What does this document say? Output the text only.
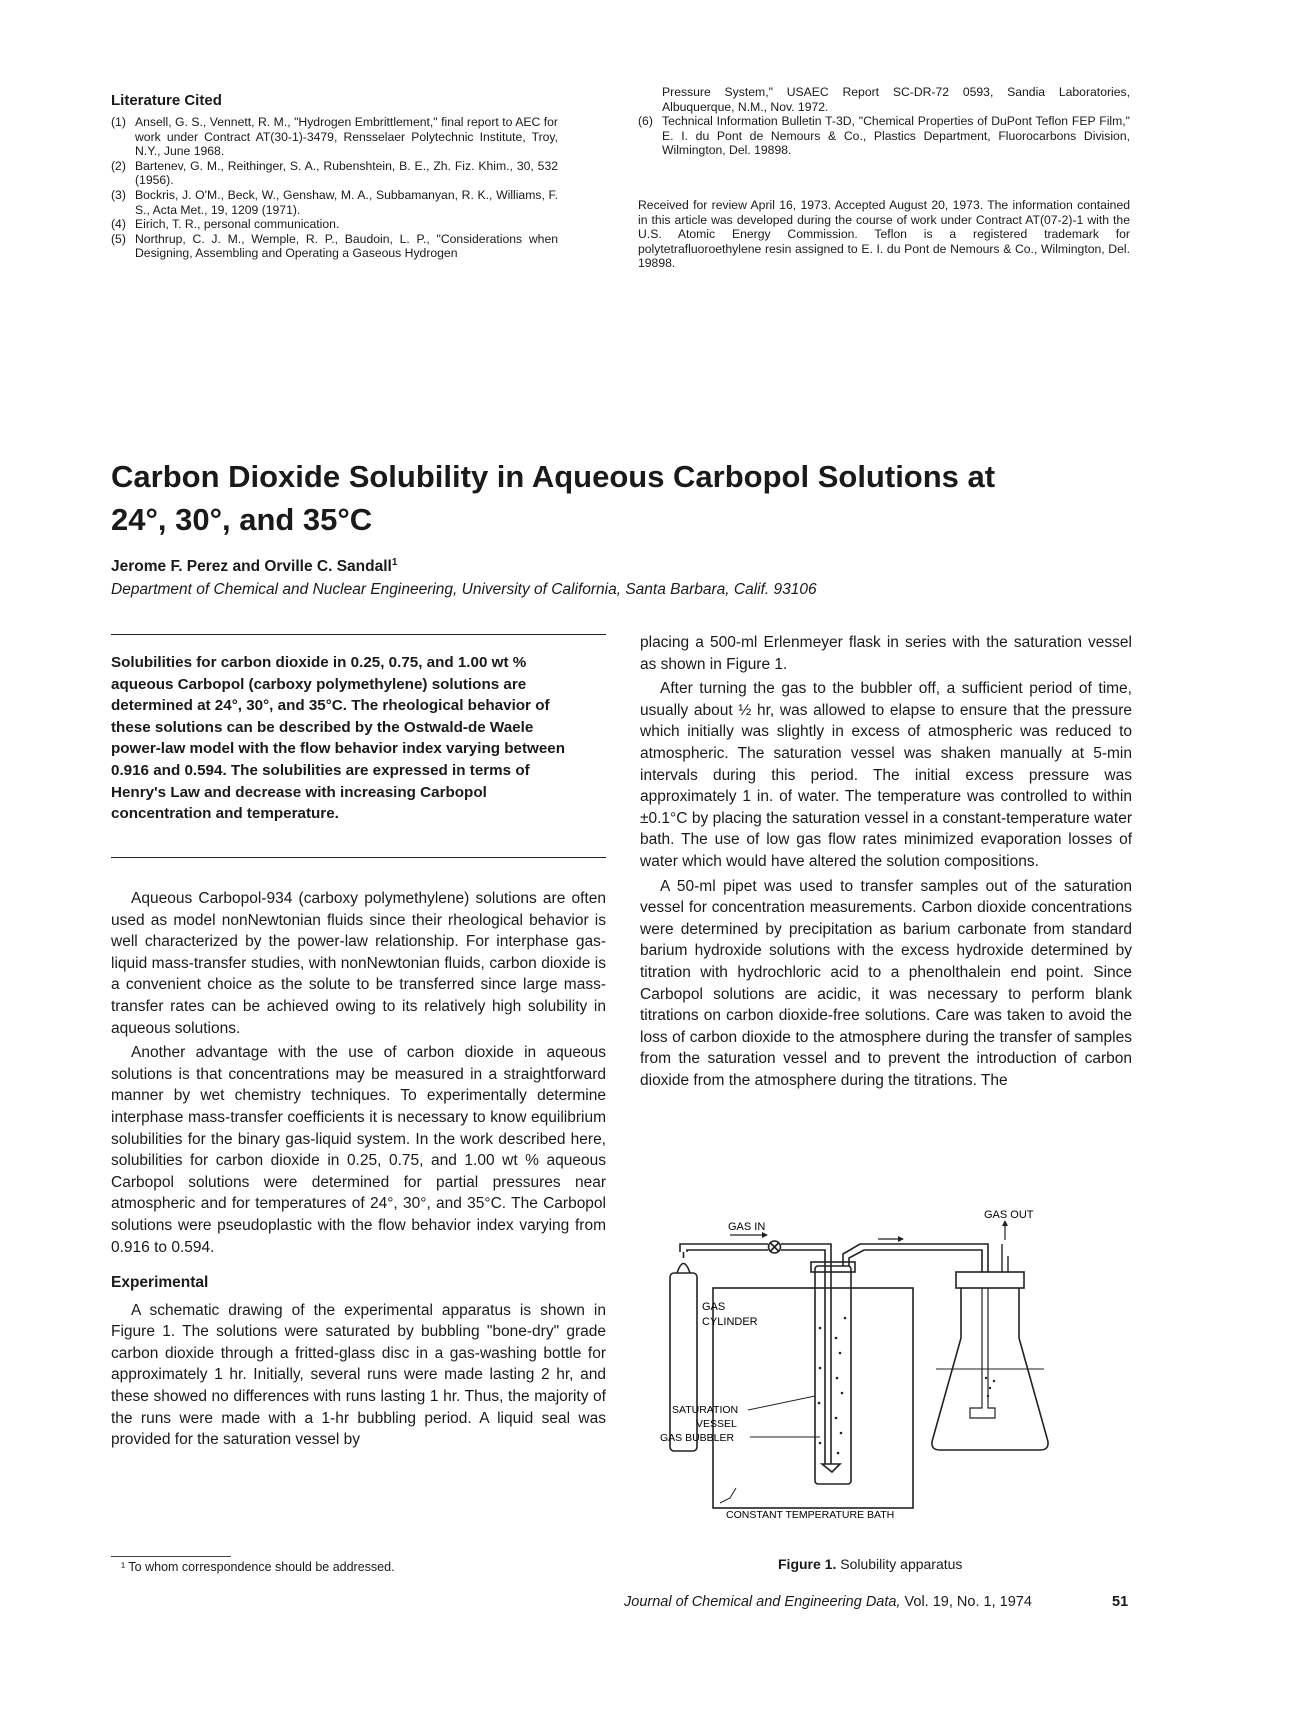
Literature Cited
(1) Ansell, G. S., Vennett, R. M., "Hydrogen Embrittlement," final report to AEC for work under Contract AT(30-1)-3479, Rensselaer Polytechnic Institute, Troy, N.Y., June 1968.
(2) Bartenev, G. M., Reithinger, S. A., Rubenshtein, B. E., Zh. Fiz. Khim., 30, 532 (1956).
(3) Bockris, J. O'M., Beck, W., Genshaw, M. A., Subbamanyan, R. K., Williams, F. S., Acta Met., 19, 1209 (1971).
(4) Eirich, T. R., personal communication.
(5) Northrup, C. J. M., Wemple, R. P., Baudoin, L. P., "Considerations when Designing, Assembling and Operating a Gaseous Hydrogen
Pressure System," USAEC Report SC-DR-72 0593, Sandia Laboratories, Albuquerque, N.M., Nov. 1972.
(6) Technical Information Bulletin T-3D, "Chemical Properties of DuPont Teflon FEP Film," E. I. du Pont de Nemours & Co., Plastics Department, Fluorocarbons Division, Wilmington, Del. 19898.
Received for review April 16, 1973. Accepted August 20, 1973. The information contained in this article was developed during the course of work under Contract AT(07-2)-1 with the U.S. Atomic Energy Commission. Teflon is a registered trademark for polytetrafluoroethylene resin assigned to E. I. du Pont de Nemours & Co., Wilmington, Del. 19898.
Carbon Dioxide Solubility in Aqueous Carbopol Solutions at
24°, 30°, and 35°C
Jerome F. Perez and Orville C. Sandall$^1$
Department of Chemical and Nuclear Engineering, University of California, Santa Barbara, Calif. 93106
Solubilities for carbon dioxide in 0.25, 0.75, and 1.00 wt % aqueous Carbopol (carboxy polymethylene) solutions are determined at 24°, 30°, and 35°C. The rheological behavior of these solutions can be described by the Ostwald-de Waele power-law model with the flow behavior index varying between 0.916 and 0.594. The solubilities are expressed in terms of Henry's Law and decrease with increasing Carbopol concentration and temperature.

Aqueous Carbopol-934 (carboxy polymethylene) solutions are often used as model nonNewtonian fluids since their rheological behavior is well characterized by the power-law relationship. For interphase gas-liquid mass-transfer studies, with nonNewtonian fluids, carbon dioxide is a convenient choice as the solute to be transferred since large mass-transfer rates can be achieved owing to its relatively high solubility in aqueous solutions.

Another advantage with the use of carbon dioxide in aqueous solutions is that concentrations may be measured in a straightforward manner by wet chemistry techniques. To experimentally determine interphase mass-transfer coefficients it is necessary to know equilibrium solubilities for the binary gas-liquid system. In the work described here, solubilities for carbon dioxide in 0.25, 0.75, and 1.00 wt % aqueous Carbopol solutions were determined for partial pressures near atmospheric and for temperatures of 24°, 30°, and 35°C. The Carbopol solutions were pseudoplastic with the flow behavior index varying from 0.916 to 0.594.

Experimental

A schematic drawing of the experimental apparatus is shown in Figure 1. The solutions were saturated by bubbling "bone-dry" grade carbon dioxide through a fritted-glass disc in a gas-washing bottle for approximately 1 hr. Initially, several runs were made lasting 2 hr, and these showed no differences with runs lasting 1 hr. Thus, the majority of the runs were made with a 1-hr bubbling period. A liquid seal was provided for the saturation vessel by

¹ To whom correspondence should be addressed.

placing a 500-ml Erlenmeyer flask in series with the saturation vessel as shown in Figure 1.

After turning the gas to the bubbler off, a sufficient period of time, usually about ½ hr, was allowed to elapse to ensure that the pressure which initially was slightly in excess of atmospheric was reduced to atmospheric. The saturation vessel was shaken manually at 5-min intervals during this period. The initial excess pressure was approximately 1 in. of water. The temperature was controlled to within ±0.1°C by placing the saturation vessel in a constant-temperature water bath. The use of low gas flow rates minimized evaporation losses of water which would have altered the solution compositions.

A 50-ml pipet was used to transfer samples out of the saturation vessel for concentration measurements. Carbon dioxide concentrations were determined by precipitation as barium carbonate from standard barium hydroxide solutions with the excess hydroxide determined by titration with hydrochloric acid to a phenolthalein end point. Since Carbopol solutions are acidic, it was necessary to perform blank titrations on carbon dioxide-free solutions. Care was taken to avoid the loss of carbon dioxide to the atmosphere during the transfer of samples from the saturation vessel and to prevent the introduction of carbon dioxide from the atmosphere during the titrations. The

GAS IN
GAS OUT
GAS
CYLINDER
SATURATION
VESSEL
GAS BUBBLER
CONSTANT TEMPERATURE BATH
Figure 1. Solubility apparatus
Journal of Chemical and Engineering Data, Vol. 19, No. 1, 1974	51
